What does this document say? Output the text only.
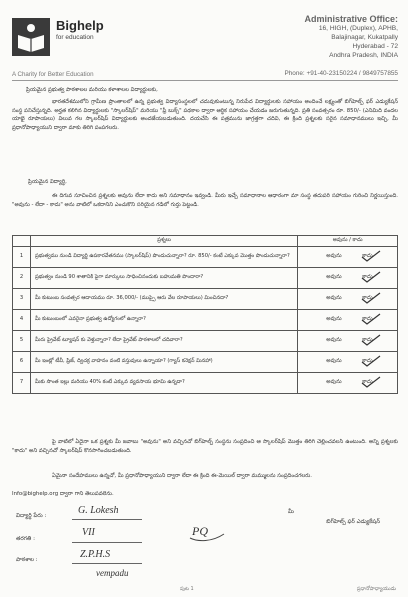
Bighelp
for education
Administrative Office:
16, HIGH, (Duplex), APHB,
Balajinagar, Kukatpally
Hyderabad - 72
Andhra Pradesh, INDIA
A Charity for Better Education	Phone: +91-40-23150224 / 9849757855
ప్రియమైన ప్రభుత్వ పాఠశాలల మరియు కళాశాలల విద్యార్థులకు,
భారతదేశములోని గ్రామీణ ప్రాంతాలలో ఉన్న ప్రభుత్వ విద్యాసంస్థలలో చదువుకుంటున్న నిరుపేద విద్యార్థులకు సహాయం అందించే లక్ష్యంతో బిగ్‌హెల్ప్ ఫర్ ఎడ్యుకేషన్ సంస్థ పనిచేస్తున్నది. అర్హత కలిగిన విద్యార్థులకు "స్కాలర్‌షిప్" మరియు "ఫ్రీ బుక్స్" పథకాల ద్వారా ఆర్థిక సహాయం చేయడం జరుగుతున్నది. ప్రతి సంవత్సరం రూ. 850/- (ఎనిమిది వందల యాభై రూపాయలు) విలువ గల స్కాలర్‌షిప్ విద్యార్థులకు అందజేయబడుతుంది. దయచేసి ఈ పత్రమును జాగ్రత్తగా చదివి, ఈ క్రింది ప్రశ్నలకు సరైన సమాధానములు ఇచ్చి, మీ ప్రధానోపాధ్యాయుని ద్వారా మాకు తిరిగి పంపగలరు.
ప్రియమైన విద్యార్థి,
ఈ దిగువ సూచించిన ప్రశ్నలకు అవును లేదా కాదు అని సమాధానం ఇవ్వండి. మీరు ఇచ్చే సమాధానాల ఆధారంగా మా సంస్థ తదుపరి సహాయం గురించి నిర్ణయిస్తుంది. "అవును - లేదా - కాదు" అను వాటిలో ఒకదానిని ఎంచుకొని సరియైన గడిలో గుర్తు పెట్టండి.
	ప్రశ్నలు	అవును / కాదు
1	ప్రభుత్వము నుండి విద్యార్థి ఉపకారవేతనము (స్కాలర్‌షిప్) పొందుచున్నారా? రూ. 850/- కంటే ఎక్కువ మొత్తం పొందుచున్నారా?	అవును కాదు

2	ప్రభుత్వం నుండి 90 శాతానికి పైగా మార్కులు సాధించినందుకు బహుమతి పొందారా?	అవును కాదు

3	మీ కుటుంబ సంవత్సర ఆదాయము రూ. 36,000/- (ముప్పై ఆరు వేల రూపాయలు) మించినదా?	అవును కాదు

4	మీ కుటుంబంలో ఎవరైనా ప్రభుత్వ ఉద్యోగంలో ఉన్నారా?	అవును కాదు

5	మీరు ప్రైవేట్ ట్యూషన్ కు వెళ్తున్నారా? లేదా ప్రైవేట్ పాఠశాలలో చదివారా?	అవును కాదు

6	మీ ఇంట్లో టీవీ, ఫ్రిజ్, ద్విచక్ర వాహనం వంటి వస్తువులు ఉన్నాయా? (గ్యాస్ కనెక్షన్ మినహా)	అవును కాదు

7	మీకు సొంత ఇల్లు మరియు 40% కంటే ఎక్కువ వ్యవసాయ భూమి ఉన్నదా?	అవును కాదు
పై వాటిలో ఏదైనా ఒక ప్రశ్నకు మీ జవాబు "అవును" అని వచ్చినచో బిగ్‌హెల్ప్ సంస్థను సంప్రదించి ఆ స్కాలర్‌షిప్ మొత్తం తిరిగి చెల్లించవలసి ఉంటుంది. అన్ని ప్రశ్నలకు "కాదు" అని వచ్చినచో స్కాలర్‌షిప్ కొనసాగించబడుతుంది.
ఏమైనా సందేహములు ఉన్నచో, మీ ప్రధానోపాధ్యాయుని ద్వారా లేదా ఈ క్రింది ఈ-మెయిల్ ద్వారా మమ్ములను సంప్రదించగలరు.
Info@bighelp.org ద్వారా గాని తెలుపవలెను.
విద్యార్థి పేరు :	G. Lokesh
తరగతి :
VII
పాఠశాల :	Z.P.H.S
vempadu
PQ
మీ
బిగ్‌హెల్ప్ ఫర్ ఎడ్యుకేషన్
పుట 1	ప్రధానోపాధ్యాయుడు
